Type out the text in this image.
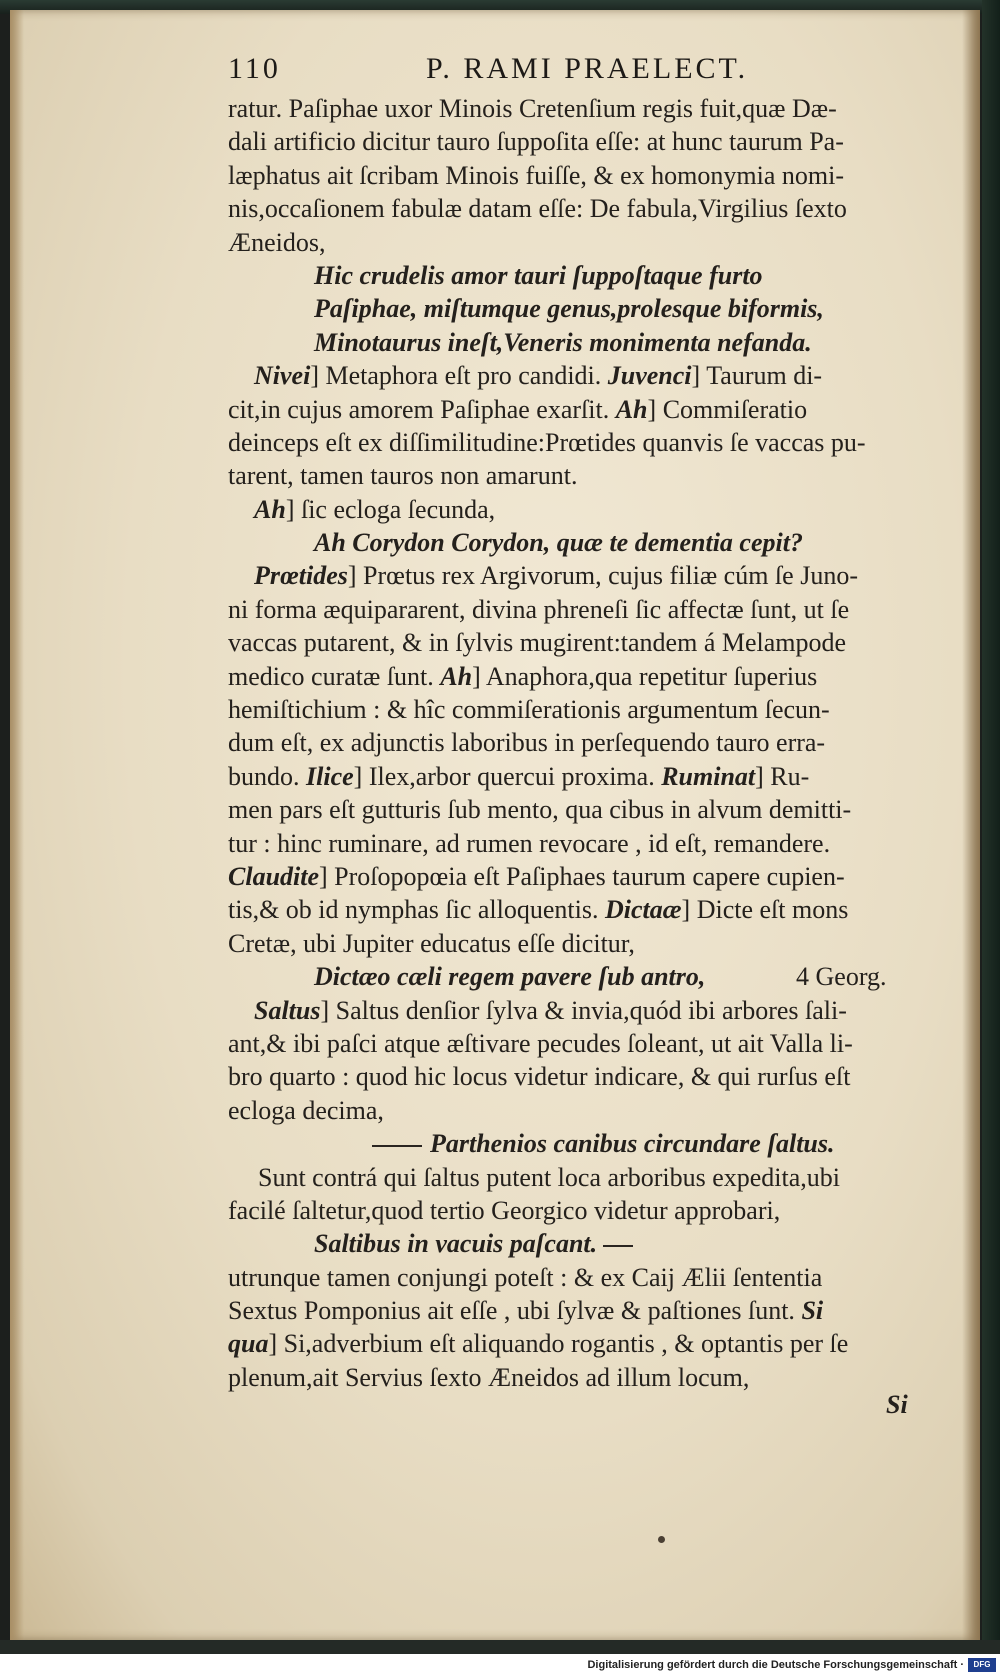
110	P. RAMI PRAELECT.
ratur. Paſiphae uxor Minois Cretenſium regis fuit,quæ Dæ-
dali artificio dicitur tauro ſuppoſita eſſe: at hunc taurum Pa-
læphatus ait ſcribam Minois fuiſſe, & ex homonymia nomi-
nis,occaſionem fabulæ datam eſſe: De fabula,Virgilius ſexto
Æneidos,
Hic crudelis amor tauri ſuppoſtaque furto
Paſiphae, miſtumque genus,prolesque biformis,
Minotaurus ineſt,Veneris monimenta nefanda.
Nivei] Metaphora eſt pro candidi. Juvenci] Taurum di-
cit,in cujus amorem Paſiphae exarſit. Ah] Commiſeratio
deinceps eſt ex diſſimilitudine:Prœtides quanvis ſe vaccas pu-
tarent, tamen tauros non amarunt.
Ah] ſic ecloga ſecunda,
Ah Corydon Corydon, quæ te dementia cepit?
Prœtides] Prœtus rex Argivorum, cujus filiæ cúm ſe Juno-
ni forma æquipararent, divina phreneſi ſic affectæ ſunt, ut ſe
vaccas putarent, & in ſylvis mugirent:tandem á Melampode
medico curatæ ſunt. Ah] Anaphora,qua repetitur ſuperius
hemiſtichium : & hîc commiſerationis argumentum ſecun-
dum eſt, ex adjunctis laboribus in perſequendo tauro erra-
bundo. Ilice] Ilex,arbor quercui proxima. Ruminat] Ru-
men pars eſt gutturis ſub mento, qua cibus in alvum demitti-
tur : hinc ruminare, ad rumen revocare , id eſt, remandere.
Claudite] Proſopopœia eſt Paſiphaes taurum capere cupien-
tis,& ob id nymphas ſic alloquentis. Dictaæ] Dicte eſt mons
Cretæ, ubi Jupiter educatus eſſe dicitur,
Dictæo cæli regem pavere ſub antro,	4 Georg.
Saltus] Saltus denſior ſylva & invia,quód ibi arbores ſali-
ant,& ibi paſci atque æſtivare pecudes ſoleant, ut ait Valla li-
bro quarto : quod hic locus videtur indicare, & qui rurſus eſt
ecloga decima,
Parthenios canibus circundare ſaltus.
Sunt contrá qui ſaltus putent loca arboribus expedita,ubi
facilé ſaltetur,quod tertio Georgico videtur approbari,
Saltibus in vacuis paſcant.
utrunque tamen conjungi poteſt : & ex Caij Ælii ſententia
Sextus Pomponius ait eſſe , ubi ſylvæ & paſtiones ſunt. Si
qua] Si,adverbium eſt aliquando rogantis , & optantis per ſe
plenum,ait Servius ſexto Æneidos ad illum locum,
Si
Digitalisierung gefördert durch die Deutsche Forschungsgemeinschaft ·	DFG
